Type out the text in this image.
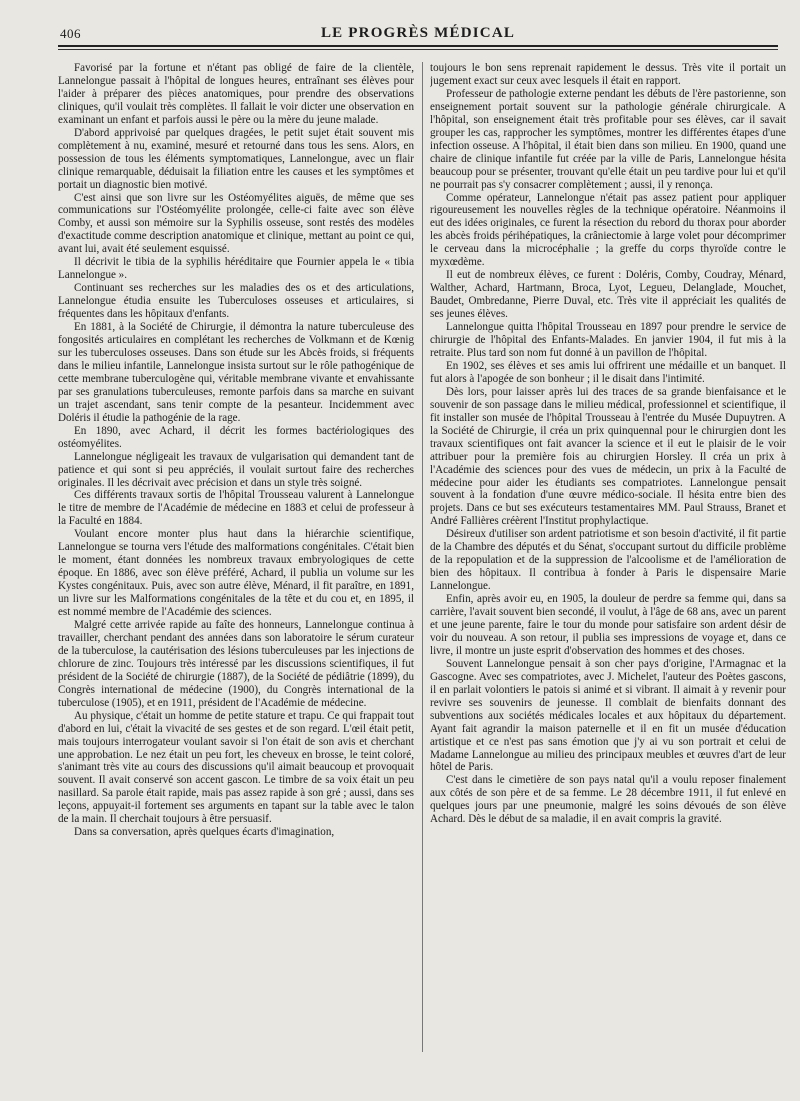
406	LE PROGRÈS MÉDICAL

Favorisé par la fortune et n'étant pas obligé de faire de la clientèle, Lannelongue passait à l'hôpital de longues heures, entraînant ses élèves pour l'aider à préparer des pièces anatomiques, pour prendre des observations cliniques, qu'il voulait très complètes. Il fallait le voir dicter une observation en examinant un enfant et parfois aussi le père ou la mère du jeune malade.

D'abord apprivoisé par quelques dragées, le petit sujet était souvent mis complètement à nu, examiné, mesuré et retourné dans tous les sens. Alors, en possession de tous les éléments symptomatiques, Lannelongue, avec un flair clinique remarquable, déduisait la filiation entre les causes et les symptômes et portait un diagnostic bien motivé.

C'est ainsi que son livre sur les Ostéomyélites aiguës, de même que ses communications sur l'Ostéomyélite prolongée, celle-ci faite avec son élève Comby, et aussi son mémoire sur la Syphilis osseuse, sont restés des modèles d'exactitude comme description anatomique et clinique, mettant au point ce qui, avant lui, avait été seulement esquissé.

Il décrivit le tibia de la syphilis héréditaire que Fournier appela le « tibia Lannelongue ».

Continuant ses recherches sur les maladies des os et des articulations, Lannelongue étudia ensuite les Tuberculoses osseuses et articulaires, si fréquentes dans les hôpitaux d'enfants.

En 1881, à la Société de Chirurgie, il démontra la nature tuberculeuse des fongosités articulaires en complétant les recherches de Volkmann et de Kœnig sur les tuberculoses osseuses. Dans son étude sur les Abcès froids, si fréquents dans le milieu infantile, Lannelongue insista surtout sur le rôle pathogénique de cette membrane tuberculogène qui, véritable membrane vivante et envahissante par ses granulations tuberculeuses, remonte parfois dans sa marche en suivant un trajet ascendant, sans tenir compte de la pesanteur. Incidemment avec Doléris il étudie la pathogénie de la rage.

En 1890, avec Achard, il décrit les formes bactériologiques des ostéomyélites.

Lannelongue négligeait les travaux de vulgarisation qui demandent tant de patience et qui sont si peu appréciés, il voulait surtout faire des recherches originales. Il les décrivait avec précision et dans un style très soigné.

Ces différents travaux sortis de l'hôpital Trousseau valurent à Lannelongue le titre de membre de l'Académie de médecine en 1883 et celui de professeur à la Faculté en 1884.

Voulant encore monter plus haut dans la hiérarchie scientifique, Lannelongue se tourna vers l'étude des malformations congénitales. C'était bien le moment, étant données les nombreux travaux embryologiques de cette époque. En 1886, avec son élève préféré, Achard, il publia un volume sur les Kystes congénitaux. Puis, avec son autre élève, Ménard, il fit paraître, en 1891, un livre sur les Malformations congénitales de la tête et du cou et, en 1895, il est nommé membre de l'Académie des sciences.

Malgré cette arrivée rapide au faîte des honneurs, Lannelongue continua à travailler, cherchant pendant des années dans son laboratoire le sérum curateur de la tuberculose, la cautérisation des lésions tuberculeuses par les injections de chlorure de zinc. Toujours très intéressé par les discussions scientifiques, il fut président de la Société de chirurgie (1887), de la Société de pédiâtrie (1899), du Congrès international de médecine (1900), du Congrès international de la tuberculose (1905), et en 1911, président de l'Académie de médecine.

Au physique, c'était un homme de petite stature et trapu. Ce qui frappait tout d'abord en lui, c'était la vivacité de ses gestes et de son regard. L'œil était petit, mais toujours interrogateur voulant savoir si l'on était de son avis et cherchant une approbation. Le nez était un peu fort, les cheveux en brosse, le teint coloré, s'animant très vite au cours des discussions qu'il aimait beaucoup et provoquait souvent. Il avait conservé son accent gascon. Le timbre de sa voix était un peu nasillard. Sa parole était rapide, mais pas assez rapide à son gré ; aussi, dans ses leçons, appuyait-il fortement ses arguments en tapant sur la table avec le talon de la main. Il cherchait toujours à être persuasif.

Dans sa conversation, après quelques écarts d'imagination,

toujours le bon sens reprenait rapidement le dessus. Très vite il portait un jugement exact sur ceux avec lesquels il était en rapport.

Professeur de pathologie externe pendant les débuts de l'ère pastorienne, son enseignement portait souvent sur la pathologie générale chirurgicale. A l'hôpital, son enseignement était très profitable pour ses élèves, car il savait grouper les cas, rapprocher les symptômes, montrer les différentes étapes d'une infection osseuse. A l'hôpital, il était bien dans son milieu. En 1900, quand une chaire de clinique infantile fut créée par la ville de Paris, Lannelongue hésita beaucoup pour se présenter, trouvant qu'elle était un peu tardive pour lui et qu'il ne pourrait pas s'y consacrer complètement ; aussi, il y renonça.

Comme opérateur, Lannelongue n'était pas assez patient pour appliquer rigoureusement les nouvelles règles de la technique opératoire. Néanmoins il eut des idées originales, ce furent la résection du rebord du thorax pour aborder les abcès froids périhépatiques, la crâniectomie à large volet pour décomprimer le cerveau dans la microcéphalie ; la greffe du corps thyroïde contre le myxœdème.

Il eut de nombreux élèves, ce furent : Doléris, Comby, Coudray, Ménard, Walther, Achard, Hartmann, Broca, Lyot, Legueu, Delanglade, Mouchet, Baudet, Ombredanne, Pierre Duval, etc. Très vite il appréciait les qualités de ses jeunes élèves.

Lannelongue quitta l'hôpital Trousseau en 1897 pour prendre le service de chirurgie de l'hôpital des Enfants-Malades. En janvier 1904, il fut mis à la retraite. Plus tard son nom fut donné à un pavillon de l'hôpital.

En 1902, ses élèves et ses amis lui offrirent une médaille et un banquet. Il fut alors à l'apogée de son bonheur ; il le disait dans l'intimité.

Dès lors, pour laisser après lui des traces de sa grande bienfaisance et le souvenir de son passage dans le milieu médical, professionnel et scientifique, il fit installer son musée de l'hôpital Trousseau à l'entrée du Musée Dupuytren. A la Société de Chirurgie, il créa un prix quinquennal pour le chirurgien dont les travaux scientifiques ont fait avancer la science et il eut le plaisir de le voir attribuer pour la première fois au chirurgien Horsley. Il créa un prix à l'Académie des sciences pour des vues de médecin, un prix à la Faculté de médecine pour aider les étudiants ses compatriotes. Lannelongue pensait souvent à la fondation d'une œuvre médico-sociale. Il hésita entre bien des projets. Dans ce but ses exécuteurs testamentaires MM. Paul Strauss, Branet et André Fallières créèrent l'Institut prophylactique.

Désireux d'utiliser son ardent patriotisme et son besoin d'activité, il fit partie de la Chambre des députés et du Sénat, s'occupant surtout du difficile problème de la repopulation et de la suppression de l'alcoolisme et de l'amélioration de bien des hôpitaux. Il contribua à fonder à Paris le dispensaire Marie Lannelongue.

Enfin, après avoir eu, en 1905, la douleur de perdre sa femme qui, dans sa carrière, l'avait souvent bien secondé, il voulut, à l'âge de 68 ans, avec un parent et une jeune parente, faire le tour du monde pour satisfaire son ardent désir de voir du nouveau. A son retour, il publia ses impressions de voyage et, dans ce livre, il montre un juste esprit d'observation des hommes et des choses.

Souvent Lannelongue pensait à son cher pays d'origine, l'Armagnac et la Gascogne. Avec ses compatriotes, avec J. Michelet, l'auteur des Poètes gascons, il en parlait volontiers le patois si animé et si vibrant. Il aimait à y revenir pour revivre ses souvenirs de jeunesse. Il comblait de bienfaits donnant des subventions aux sociétés médicales locales et aux hôpitaux du département. Ayant fait agrandir la maison paternelle et il en fit un musée d'éducation artistique et ce n'est pas sans émotion que j'y ai vu son portrait et celui de Madame Lannelongue au milieu des principaux meubles et œuvres d'art de leur hôtel de Paris.

C'est dans le cimetière de son pays natal qu'il a voulu reposer finalement aux côtés de son père et de sa femme. Le 28 décembre 1911, il fut enlevé en quelques jours par une pneumonie, malgré les soins dévoués de son élève Achard. Dès le début de sa maladie, il en avait compris la gravité.
